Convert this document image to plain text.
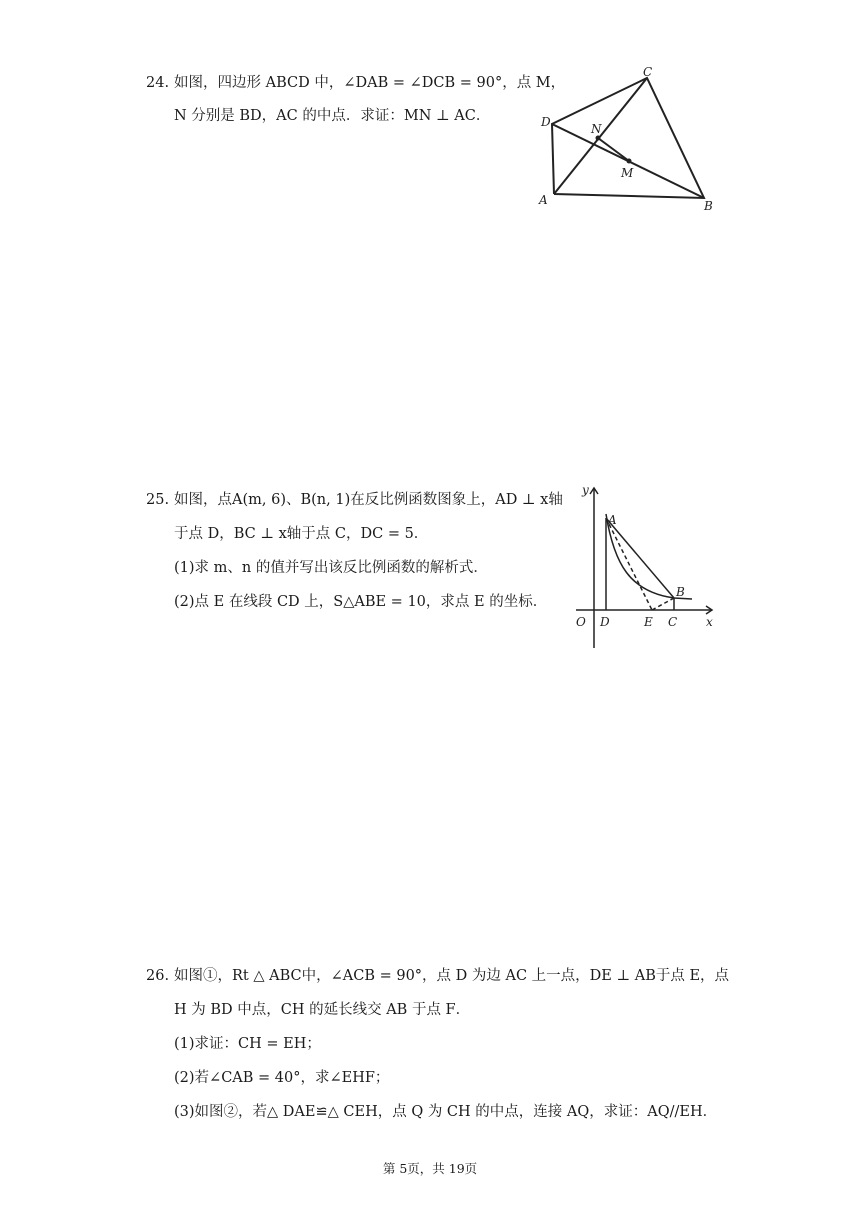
24. 如图，四边形 ABCD 中，∠DAB = ∠DCB = 90°，点 M，
N 分别是 BD，AC 的中点．求证：MN ⊥ AC．
C
D	N
M
A	B
25. 如图，点A(m, 6)、B(n, 1)在反比例函数图象上，AD ⊥ x轴
于点 D，BC ⊥ x轴于点 C，DC = 5．
(1)求 m、n 的值并写出该反比例函数的解析式．
(2)点 E 在线段 CD 上，S△ABE = 10，求点 E 的坐标．
y
A
B
O D	E C x
26. 如图①，Rt △ ABC中，∠ACB = 90°，点 D 为边 AC 上一点，DE ⊥ AB于点 E，点
H 为 BD 中点，CH 的延长线交 AB 于点 F．
(1)求证：CH = EH；
(2)若∠CAB = 40°，求∠EHF；
(3)如图②，若△ DAE≌△ CEH，点 Q 为 CH 的中点，连接 AQ，求证：AQ//EH．
第 5页，共 19页
